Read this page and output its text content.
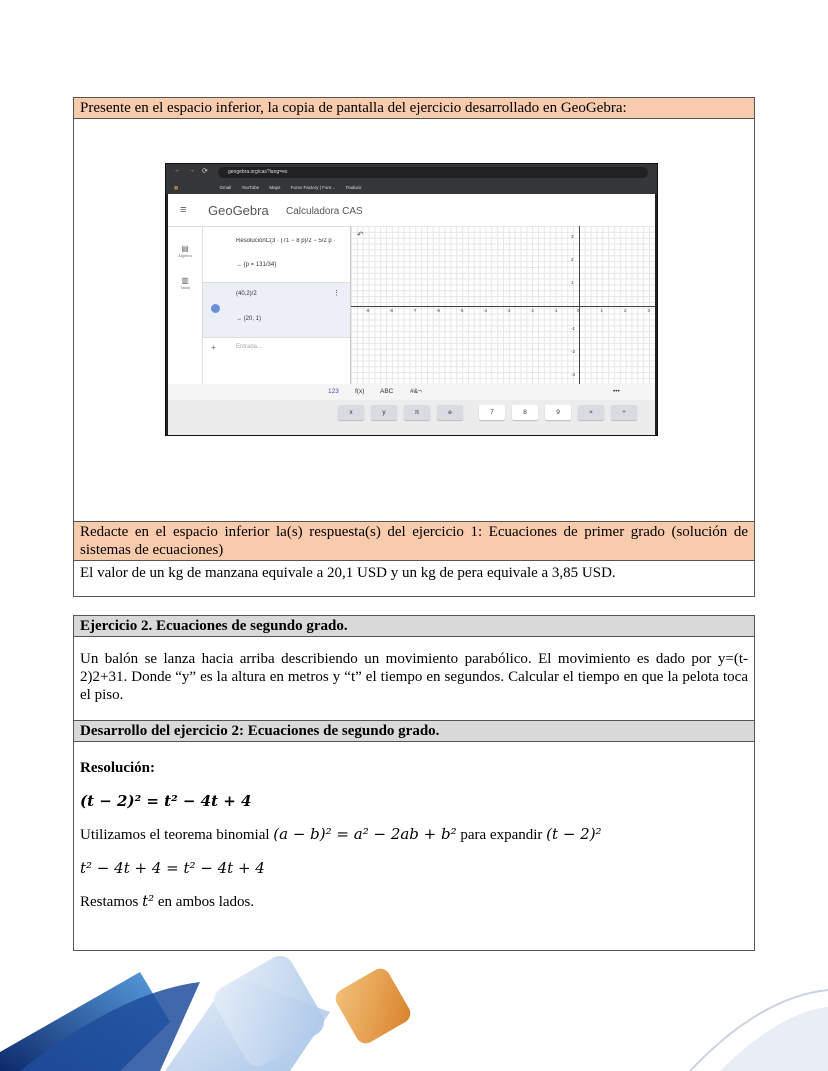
Presente en el espacio inferior, la copia de pantalla del ejercicio desarrollado en GeoGebra:
Redacte en el espacio inferior la(s) respuesta(s) del ejercicio 1: Ecuaciones de primer grado (solución de sistemas de ecuaciones)
El valor de un kg de manzana equivale a 20,1 USD y un kg de pera equivale a 3,85 USD.
← → ⟳	geogebra.org/cas?lang=es
▦	Gmail YouTube Maps Forex Factory | Fore... Traducir
≡ GeoGebra Calculadora CAS
▤
Álgebra
▥
Tabla
ResoluciónC(3 · (71 − 8 p)/2 − 5/2 p ·
→ {p = 131/34}
(40,2)/2
→ (20, 1)
⋮
+	Entrada...
↶
-9	-8	-7	-6	-5	-4	-3	-2	-1	0	1	2	3
3
2
1
-1
-2
-3
123 f(x) ABC	#&¬	•••
x	y	π	e	7	8	9	×	÷
Ejercicio 2. Ecuaciones de segundo grado.
Un balón se lanza hacia arriba describiendo un movimiento parabólico. El movimiento es dado por y=(t-2)2+31. Donde “y” es la altura en metros y “t” el tiempo en segundos. Calcular el tiempo en que la pelota toca el piso.
Desarrollo del ejercicio 2: Ecuaciones de segundo grado.
Resolución:
(t − 2)² = t² − 4t + 4
Utilizamos el teorema binomial (a − b)² = a² − 2ab + b² para expandir (t − 2)²
t² − 4t + 4 = t² − 4t + 4
Restamos t² en ambos lados.
